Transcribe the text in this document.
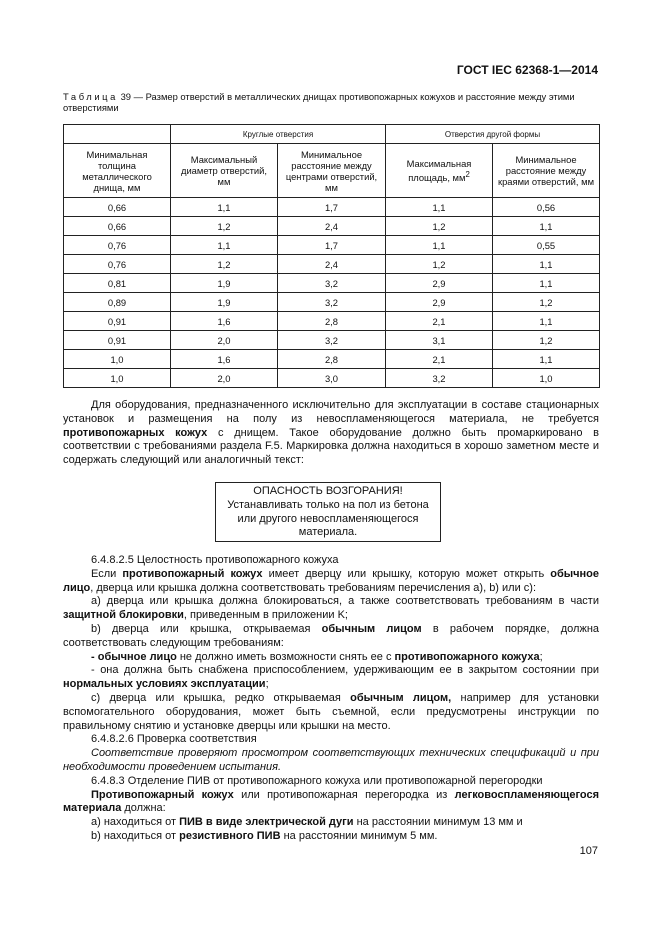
ГОСТ IEC 62368-1—2014
Таблица 39 — Размер отверстий в металлических днищах противопожарных кожухов и расстояние между этими отверстиями
	Круглые отверстия		Отверстия другой формы	
Минимальная толщина металлического днища, мм	Максимальный диаметр отверстий, мм	Минимальное расстояние между центрами отверстий, мм	Максимальная площадь, $мм^2$	Минимальное расстояние между краями отверстий, мм
0,66	1,1	1,7	1,1	0,56
0,66	1,2	2,4	1,2	1,1
0,76	1,1	1,7	1,1	0,55
0,76	1,2	2,4	1,2	1,1
0,81	1,9	3,2	2,9	1,1
0,89	1,9	3,2	2,9	1,2
0,91	1,6	2,8	2,1	1,1
0,91	2,0	3,2	3,1	1,2
1,0	1,6	2,8	2,1	1,1
1,0	2,0	3,0	3,2	1,0

Для оборудования, предназначенного исключительно для эксплуатации в составе стационарных установок и размещения на полу из невоспламеняющегося материала, не требуется противопожарных кожух с днищем. Такое оборудование должно быть промаркировано в соответствии с требованиями раздела F.5. Маркировка должна находиться в хорошо заметном месте и содержать следующий или аналогичный текст:

ОПАСНОСТЬ ВОЗГОРАНИЯ!
Устанавливать только на пол из бетона
или другого невоспламеняющегося
материала.

6.4.8.2.5 Целостность противопожарного кожуха

Если противопожарный кожух имеет дверцу или крышку, которую может открыть обычное лицо, дверца или крышка должна соответствовать требованиям перечисления а), b) или с):

а) дверца или крышка должна блокироваться, а также соответствовать требованиям в части защитной блокировки, приведенным в приложении K;

b) дверца или крышка, открываемая обычным лицом в рабочем порядке, должна соответствовать следующим требованиям:

- обычное лицо не должно иметь возможности снять ее с противопожарного кожуха;

- она должна быть снабжена приспособлением, удерживающим ее в закрытом состоянии при нормальных условиях эксплуатации;

с) дверца или крышка, редко открываемая обычным лицом, например для установки вспомогательного оборудования, может быть съемной, если предусмотрены инструкции по правильному снятию и установке дверцы или крышки на место.

6.4.8.2.6 Проверка соответствия

Соответствие проверяют просмотром соответствующих технических спецификаций и при необходимости проведением испытания.

6.4.8.3 Отделение ПИВ от противопожарного кожуха или противопожарной перегородки

Противопожарный кожух или противопожарная перегородка из легковоспламеняющегося материала должна:

а) находиться от ПИВ в виде электрической дуги на расстоянии минимум 13 мм и

b) находиться от резистивного ПИВ на расстоянии минимум 5 мм.

107
